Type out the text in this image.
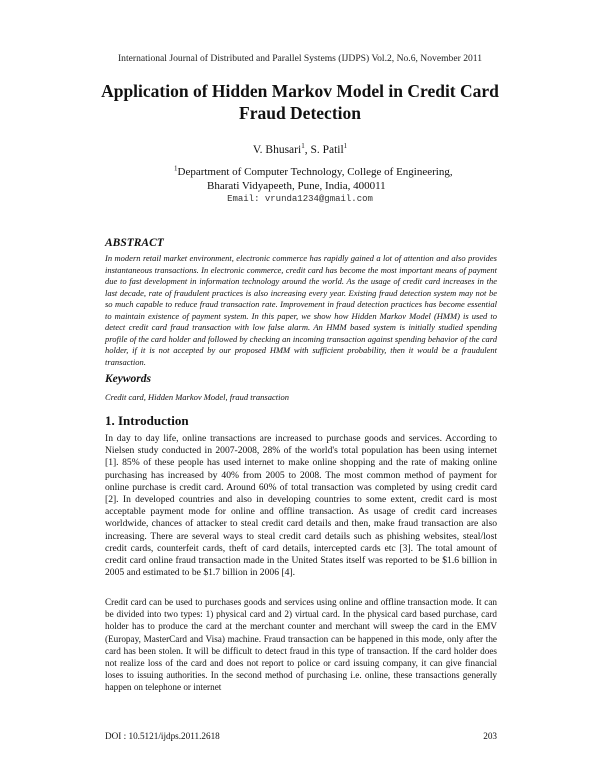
International Journal of Distributed and Parallel Systems (IJDPS) Vol.2, No.6, November 2011
Application of Hidden Markov Model in Credit Card Fraud Detection
V. Bhusari$^1$, S. Patil$^1$
$^1$Department of Computer Technology, College of Engineering,
Bharati Vidyapeeth, Pune, India, 400011
Email: vrunda1234@gmail.com
ABSTRACT

In modern retail market environment, electronic commerce has rapidly gained a lot of attention and also provides instantaneous transactions. In electronic commerce, credit card has become the most important means of payment due to fast development in information technology around the world. As the usage of credit card increases in the last decade, rate of fraudulent practices is also increasing every year. Existing fraud detection system may not be so much capable to reduce fraud transaction rate. Improvement in fraud detection practices has become essential to maintain existence of payment system. In this paper, we show how Hidden Markov Model (HMM) is used to detect credit card fraud transaction with low false alarm. An HMM based system is initially studied spending profile of the card holder and followed by checking an incoming transaction against spending behavior of the card holder, if it is not accepted by our proposed HMM with sufficient probability, then it would be a fraudulent transaction.

Keywords

Credit card, Hidden Markov Model, fraud transaction

1. Introduction

In day to day life, online transactions are increased to purchase goods and services. According to Nielsen study conducted in 2007-2008, 28% of the world's total population has been using internet [1]. 85% of these people has used internet to make online shopping and the rate of making online purchasing has increased by 40% from 2005 to 2008. The most common method of payment for online purchase is credit card. Around 60% of total transaction was completed by using credit card [2]. In developed countries and also in developing countries to some extent, credit card is most acceptable payment mode for online and offline transaction. As usage of credit card increases worldwide, chances of attacker to steal credit card details and then, make fraud transaction are also increasing. There are several ways to steal credit card details such as phishing websites, steal/lost credit cards, counterfeit cards, theft of card details, intercepted cards etc [3]. The total amount of credit card online fraud transaction made in the United States itself was reported to be $1.6 billion in 2005 and estimated to be $1.7 billion in 2006 [4].

Credit card can be used to purchases goods and services using online and offline transaction mode. It can be divided into two types: 1) physical card and 2) virtual card. In the physical card based purchase, card holder has to produce the card at the merchant counter and merchant will sweep the card in the EMV (Europay, MasterCard and Visa) machine. Fraud transaction can be happened in this mode, only after the card has been stolen. It will be difficult to detect fraud in this type of transaction. If the card holder does not realize loss of the card and does not report to police or card issuing company, it can give financial loses to issuing authorities. In the second method of purchasing i.e. online, these transactions generally happen on telephone or internet

DOI : 10.5121/ijdps.2011.2618	203
